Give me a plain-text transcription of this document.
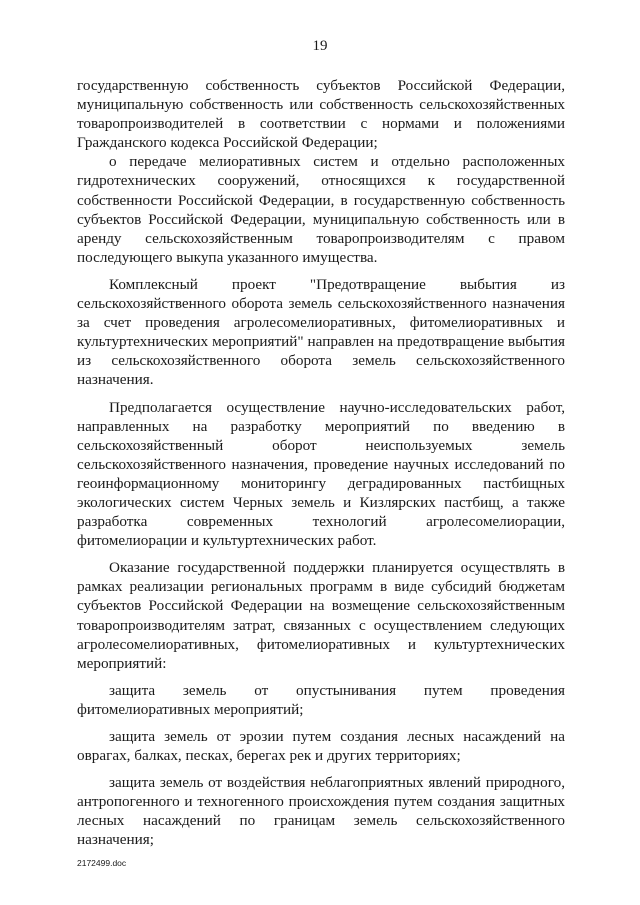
19

государственную собственность субъектов Российской Федерации, муниципальную собственность или собственность сельскохозяйственных товаропроизводителей в соответствии с нормами и положениями Гражданского кодекса Российской Федерации;

о передаче мелиоративных систем и отдельно расположенных гидротехнических сооружений, относящихся к государственной собственности Российской Федерации, в государственную собственность субъектов Российской Федерации, муниципальную собственность или в аренду сельскохозяйственным товаропроизводителям с правом последующего выкупа указанного имущества.

Комплексный проект "Предотвращение выбытия из сельскохозяйственного оборота земель сельскохозяйственного назначения за счет проведения агролесомелиоративных, фитомелиоративных и культуртехнических мероприятий" направлен на предотвращение выбытия из сельскохозяйственного оборота земель сельскохозяйственного назначения.

Предполагается осуществление научно-исследовательских работ, направленных на разработку мероприятий по введению в сельскохозяйственный оборот неиспользуемых земель сельскохозяйственного назначения, проведение научных исследований по геоинформационному мониторингу деградированных пастбищных экологических систем Черных земель и Кизлярских пастбищ, а также разработка современных технологий агролесомелиорации, фитомелиорации и культуртехнических работ.

Оказание государственной поддержки планируется осуществлять в рамках реализации региональных программ в виде субсидий бюджетам субъектов Российской Федерации на возмещение сельскохозяйственным товаропроизводителям затрат, связанных с осуществлением следующих агролесомелиоративных, фитомелиоративных и культуртехнических мероприятий:

защита земель от опустынивания путем проведения фитомелиоративных мероприятий;

защита земель от эрозии путем создания лесных насаждений на оврагах, балках, песках, берегах рек и других территориях;

защита земель от воздействия неблагоприятных явлений природного, антропогенного и техногенного происхождения путем создания защитных лесных насаждений по границам земель сельскохозяйственного назначения;

2172499.doc
